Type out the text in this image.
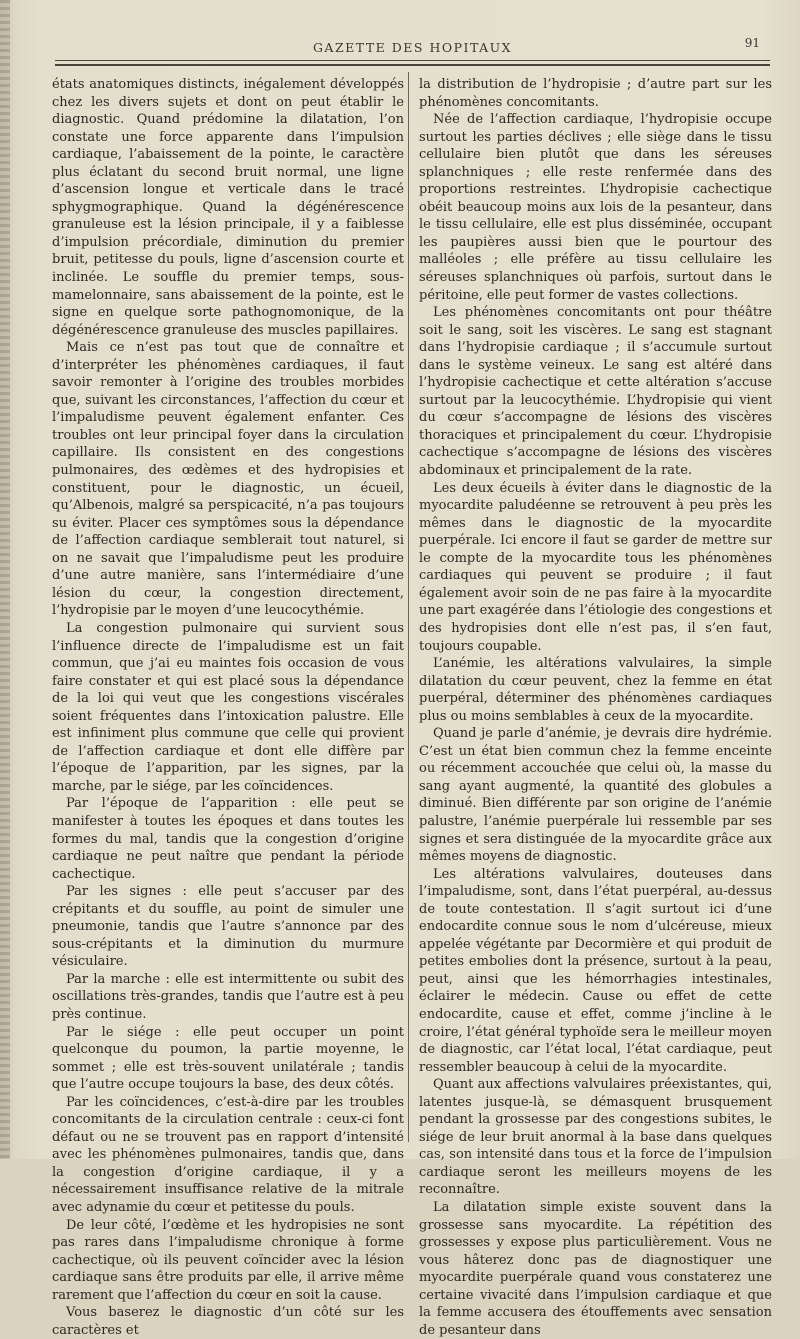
GAZETTE DES HOPITAUX	91

états anatomiques distincts, inégalement développés chez les divers sujets et dont on peut établir le diagnostic. Quand prédomine la dilatation, l’on constate une force apparente dans l’impulsion cardiaque, l’abaissement de la pointe, le caractère plus éclatant du second bruit normal, une ligne d’ascension longue et verticale dans le tracé sphygmographique. Quand la dégénérescence granuleuse est la lésion principale, il y a faiblesse d’impulsion précordiale, diminution du premier bruit, petitesse du pouls, ligne d’ascension courte et inclinée. Le souffle du premier temps, sous-mamelonnaire, sans abaissement de la pointe, est le signe en quelque sorte pathognomonique, de la dégénérescence granuleuse des muscles papillaires.

Mais ce n’est pas tout que de connaître et d’interpréter les phénomènes cardiaques, il faut savoir remonter à l’origine des troubles morbides que, suivant les circonstances, l’affection du cœur et l’impaludisme peuvent également enfanter. Ces troubles ont leur principal foyer dans la circulation capillaire. Ils consistent en des congestions pulmonaires, des œdèmes et des hydropisies et constituent, pour le diagnostic, un écueil, qu’Albenois, malgré sa perspicacité, n’a pas toujours su éviter. Placer ces symptômes sous la dépendance de l’affection cardiaque semblerait tout naturel, si on ne savait que l’impaludisme peut les produire d’une autre manière, sans l’intermédiaire d’une lésion du cœur, la congestion directement, l’hydropisie par le moyen d’une leucocythémie.

La congestion pulmonaire qui survient sous l’influence directe de l’impaludisme est un fait commun, que j’ai eu maintes fois occasion de vous faire constater et qui est placé sous la dépendance de la loi qui veut que les congestions viscérales soient fréquentes dans l’intoxication palustre. Elle est infiniment plus commune que celle qui provient de l’affection cardiaque et dont elle diffère par l’époque de l’apparition, par les signes, par la marche, par le siége, par les coïncidences.

Par l’époque de l’apparition : elle peut se manifester à toutes les époques et dans toutes les formes du mal, tandis que la congestion d’origine cardiaque ne peut naître que pendant la période cachectique.

Par les signes : elle peut s’accuser par des crépitants et du souffle, au point de simuler une pneumonie, tandis que l’autre s’annonce par des sous-crépitants et la diminution du murmure vésiculaire.

Par la marche : elle est intermittente ou subit des oscillations très-grandes, tandis que l’autre est à peu près continue.

Par le siége : elle peut occuper un point quelconque du poumon, la partie moyenne, le sommet ; elle est très-souvent unilatérale ; tandis que l’autre occupe toujours la base, des deux côtés.

Par les coïncidences, c’est-à-dire par les troubles concomitants de la circulation centrale : ceux-ci font défaut ou ne se trouvent pas en rapport d’intensité avec les phénomènes pulmonaires, tandis que, dans la congestion d’origine cardiaque, il y a nécessairement insuffisance relative de la mitrale avec adynamie du cœur et petitesse du pouls.

De leur côté, l’œdème et les hydropisies ne sont pas rares dans l’impaludisme chronique à forme cachectique, où ils peuvent coïncider avec la lésion cardiaque sans être produits par elle, il arrive même rarement que l’affection du cœur en soit la cause.

Vous baserez le diagnostic d’un côté sur les caractères et

la distribution de l’hydropisie ; d’autre part sur les phénomènes concomitants.

Née de l’affection cardiaque, l’hydropisie occupe surtout les parties déclives ; elle siège dans le tissu cellulaire bien plutôt que dans les séreuses splanchniques ; elle reste renfermée dans des proportions restreintes. L’hydropisie cachectique obéit beaucoup moins aux lois de la pesanteur, dans le tissu cellulaire, elle est plus disséminée, occupant les paupières aussi bien que le pourtour des malléoles ; elle préfère au tissu cellulaire les séreuses splanchniques où parfois, surtout dans le péritoine, elle peut former de vastes collections.

Les phénomènes concomitants ont pour théâtre soit le sang, soit les viscères. Le sang est stagnant dans l’hydropisie cardiaque ; il s’accumule surtout dans le système veineux. Le sang est altéré dans l’hydropisie cachectique et cette altération s’accuse surtout par la leucocythémie. L’hydropisie qui vient du cœur s’accompagne de lésions des viscères thoraciques et principalement du cœur. L’hydropisie cachectique s’accompagne de lésions des viscères abdominaux et principalement de la rate.

Les deux écueils à éviter dans le diagnostic de la myocardite paludéenne se retrouvent à peu près les mêmes dans le diagnostic de la myocardite puerpérale. Ici encore il faut se garder de mettre sur le compte de la myocardite tous les phénomènes cardiaques qui peuvent se produire ; il faut également avoir soin de ne pas faire à la myocardite une part exagérée dans l’étiologie des congestions et des hydropisies dont elle n’est pas, il s’en faut, toujours coupable.

L’anémie, les altérations valvulaires, la simple dilatation du cœur peuvent, chez la femme en état puerpéral, déterminer des phénomènes cardiaques plus ou moins semblables à ceux de la myocardite.

Quand je parle d’anémie, je devrais dire hydrémie. C’est un état bien commun chez la femme enceinte ou récemment accouchée que celui où, la masse du sang ayant augmenté, la quantité des globules a diminué. Bien différente par son origine de l’anémie palustre, l’anémie puerpérale lui ressemble par ses signes et sera distinguée de la myocardite grâce aux mêmes moyens de diagnostic.

Les altérations valvulaires, douteuses dans l’impaludisme, sont, dans l’état puerpéral, au-dessus de toute contestation. Il s’agit surtout ici d’une endocardite connue sous le nom d’ulcéreuse, mieux appelée végétante par Decormière et qui produit de petites embolies dont la présence, surtout à la peau, peut, ainsi que les hémorrhagies intestinales, éclairer le médecin. Cause ou effet de cette endocardite, cause et effet, comme j’incline à le croire, l’état général typhoïde sera le meilleur moyen de diagnostic, car l’état local, l’état cardiaque, peut ressembler beaucoup à celui de la myocardite.

Quant aux affections valvulaires préexistantes, qui, latentes jusque-là, se démasquent brusquement pendant la grossesse par des congestions subites, le siége de leur bruit anormal à la base dans quelques cas, son intensité dans tous et la force de l’impulsion cardiaque seront les meilleurs moyens de les reconnaître.

La dilatation simple existe souvent dans la grossesse sans myocardite. La répétition des grossesses y expose plus particulièrement. Vous ne vous hâterez donc pas de diagnostiquer une myocardite puerpérale quand vous constaterez une certaine vivacité dans l’impulsion cardiaque et que la femme accusera des étouffements avec sensation de pesanteur dans
